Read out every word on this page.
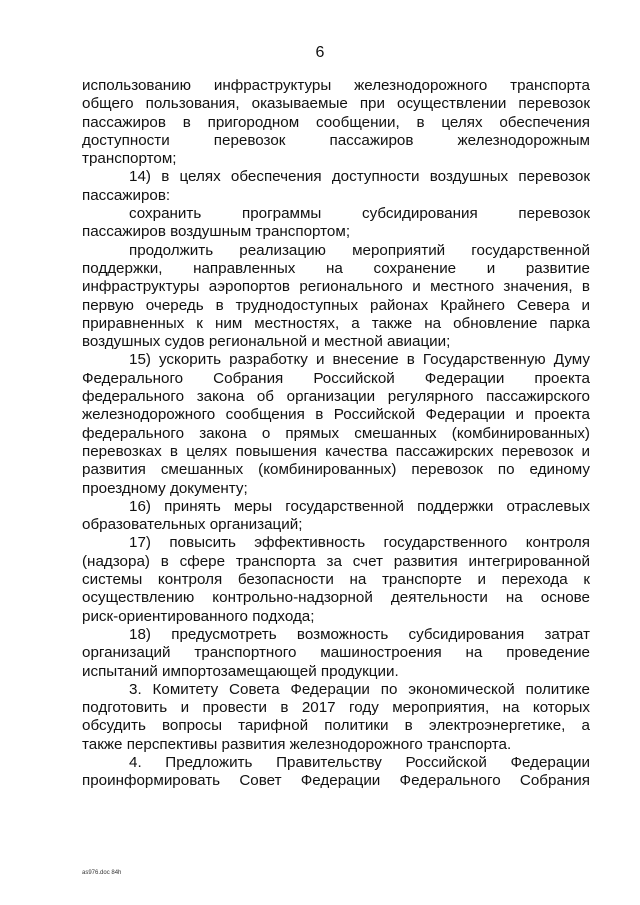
6

использованию инфраструктуры железнодорожного транспорта
общего пользования, оказываемые при осуществлении перевозок
пассажиров в пригородном сообщении, в целях обеспечения
доступности перевозок пассажиров железнодорожным
транспортом;

14) в целях обеспечения доступности воздушных перевозок
пассажиров:

сохранить программы субсидирования перевозок
пассажиров воздушным транспортом;

продолжить реализацию мероприятий государственной
поддержки, направленных на сохранение и развитие
инфраструктуры аэропортов регионального и местного значения, в
первую очередь в труднодоступных районах Крайнего Севера и
приравненных к ним местностях, а также на обновление парка
воздушных судов региональной и местной авиации;

15) ускорить разработку и внесение в Государственную Думу
Федерального Собрания Российской Федерации проекта
федерального закона об организации регулярного пассажирского
железнодорожного сообщения в Российской Федерации и проекта
федерального закона о прямых смешанных (комбинированных)
перевозках в целях повышения качества пассажирских перевозок и
развития смешанных (комбинированных) перевозок по единому
проездному документу;

16) принять меры государственной поддержки отраслевых
образовательных организаций;

17) повысить эффективность государственного контроля
(надзора) в сфере транспорта за счет развития интегрированной
системы контроля безопасности на транспорте и перехода к
осуществлению контрольно-надзорной деятельности на основе
риск-ориентированного подхода;

18) предусмотреть возможность субсидирования затрат
организаций транспортного машиностроения на проведение
испытаний импортозамещающей продукции.

3. Комитету Совета Федерации по экономической политике
подготовить и провести в 2017 году мероприятия, на которых
обсудить вопросы тарифной политики в электроэнергетике, а
также перспективы развития железнодорожного транспорта.

4. Предложить Правительству Российской Федерации
проинформировать Совет Федерации Федерального Собрания

as976.doc 84h
